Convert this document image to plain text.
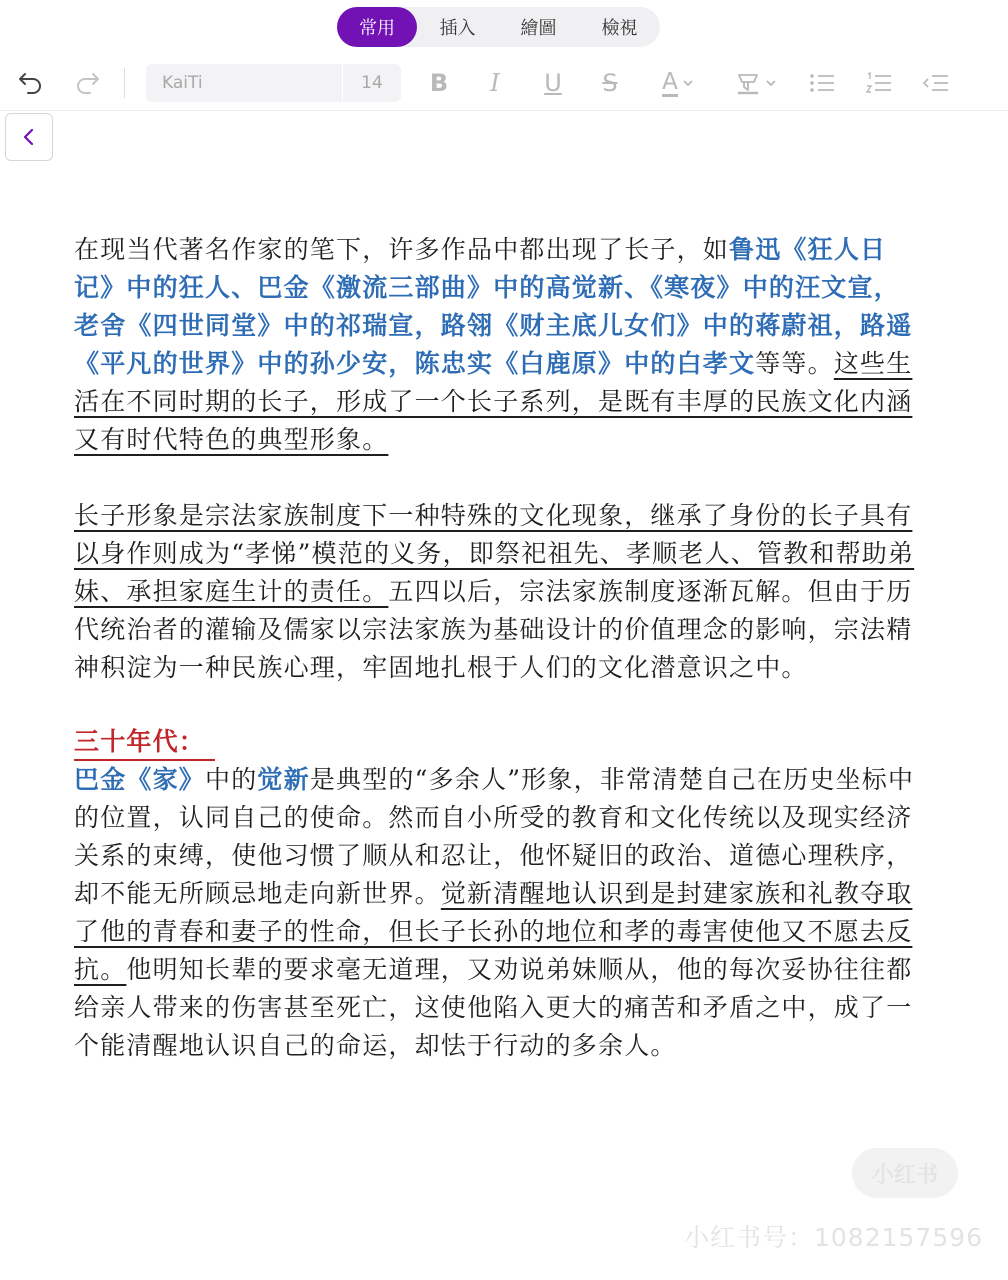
常用	插入	繪圖	檢視
KaiTi	14	B	I	U	S	A

在现当代著名作家的笔下，许多作品中都出现了长子，如鲁迅《狂人日记》中的狂人、巴金《激流三部曲》中的高觉新、《寒夜》中的汪文宣，老舍《四世同堂》中的祁瑞宣，路翎《财主底儿女们》中的蒋蔚祖，路遥《平凡的世界》中的孙少安，陈忠实《白鹿原》中的白孝文等等。这些生活在不同时期的长子，形成了一个长子系列，是既有丰厚的民族文化内涵又有时代特色的典型形象。

长子形象是宗法家族制度下一种特殊的文化现象，继承了身份的长子具有以身作则成为“孝悌”模范的义务，即祭祀祖先、孝顺老人、管教和帮助弟妹、承担家庭生计的责任。五四以后，宗法家族制度逐渐瓦解。但由于历代统治者的灌输及儒家以宗法家族为基础设计的价值理念的影响，宗法精神积淀为一种民族心理，牢固地扎根于人们的文化潜意识之中。

三十年代：

巴金《家》中的觉新是典型的“多余人”形象，非常清楚自己在历史坐标中的位置，认同自己的使命。然而自小所受的教育和文化传统以及现实经济关系的束缚，使他习惯了顺从和忍让，他怀疑旧的政治、道德心理秩序，却不能无所顾忌地走向新世界。觉新清醒地认识到是封建家族和礼教夺取了他的青春和妻子的性命，但长子长孙的地位和孝的毒害使他又不愿去反抗。他明知长辈的要求毫无道理，又劝说弟妹顺从，他的每次妥协往往都给亲人带来的伤害甚至死亡，这使他陷入更大的痛苦和矛盾之中，成了一个能清醒地认识自己的命运，却怯于行动的多余人。

小红书
小红书号：1082157596
